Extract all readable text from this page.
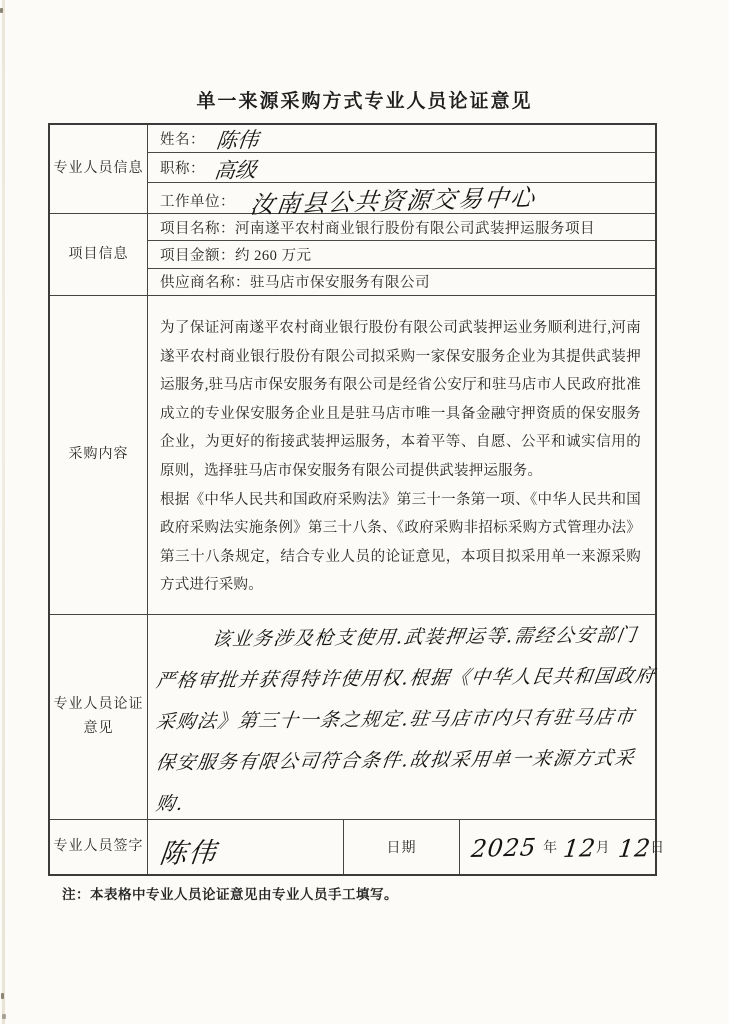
单一来源采购方式专业人员论证意见
专业人员信息
姓名： 陈伟
职称： 高级
工作单位： 汝南县公共资源交易中心
项目信息
项目名称： 河南遂平农村商业银行股份有限公司武装押运服务项目
项目金额： 约 260 万元
供应商名称： 驻马店市保安服务有限公司
采购内容

为了保证河南遂平农村商业银行股份有限公司武装押运业务顺利进行,河南遂平农村商业银行股份有限公司拟采购一家保安服务企业为其提供武装押运服务,驻马店市保安服务有限公司是经省公安厅和驻马店市人民政府批准成立的专业保安服务企业且是驻马店市唯一具备金融守押资质的保安服务企业，为更好的衔接武装押运服务，本着平等、自愿、公平和诚实信用的原则，选择驻马店市保安服务有限公司提供武装押运服务。

根据《中华人民共和国政府采购法》第三十一条第一项、《中华人民共和国政府采购法实施条例》第三十八条、《政府采购非招标采购方式管理办法》第三十八条规定，结合专业人员的论证意见，本项目拟采用单一来源采购方式进行采购。

专业人员论证
意见
该业务涉及枪支使用.武装押运等.需经公安部门
严格审批并获得特许使用权.根据《中华人民共和国政府
采购法》第三十一条之规定.驻马店市内只有驻马店市
保安服务有限公司符合条件.故拟采用单一来源方式采
购.
专业人员签字 陈伟	日期	2025 年 12
月 12
日
注：本表格中专业人员论证意见由专业人员手工填写。
